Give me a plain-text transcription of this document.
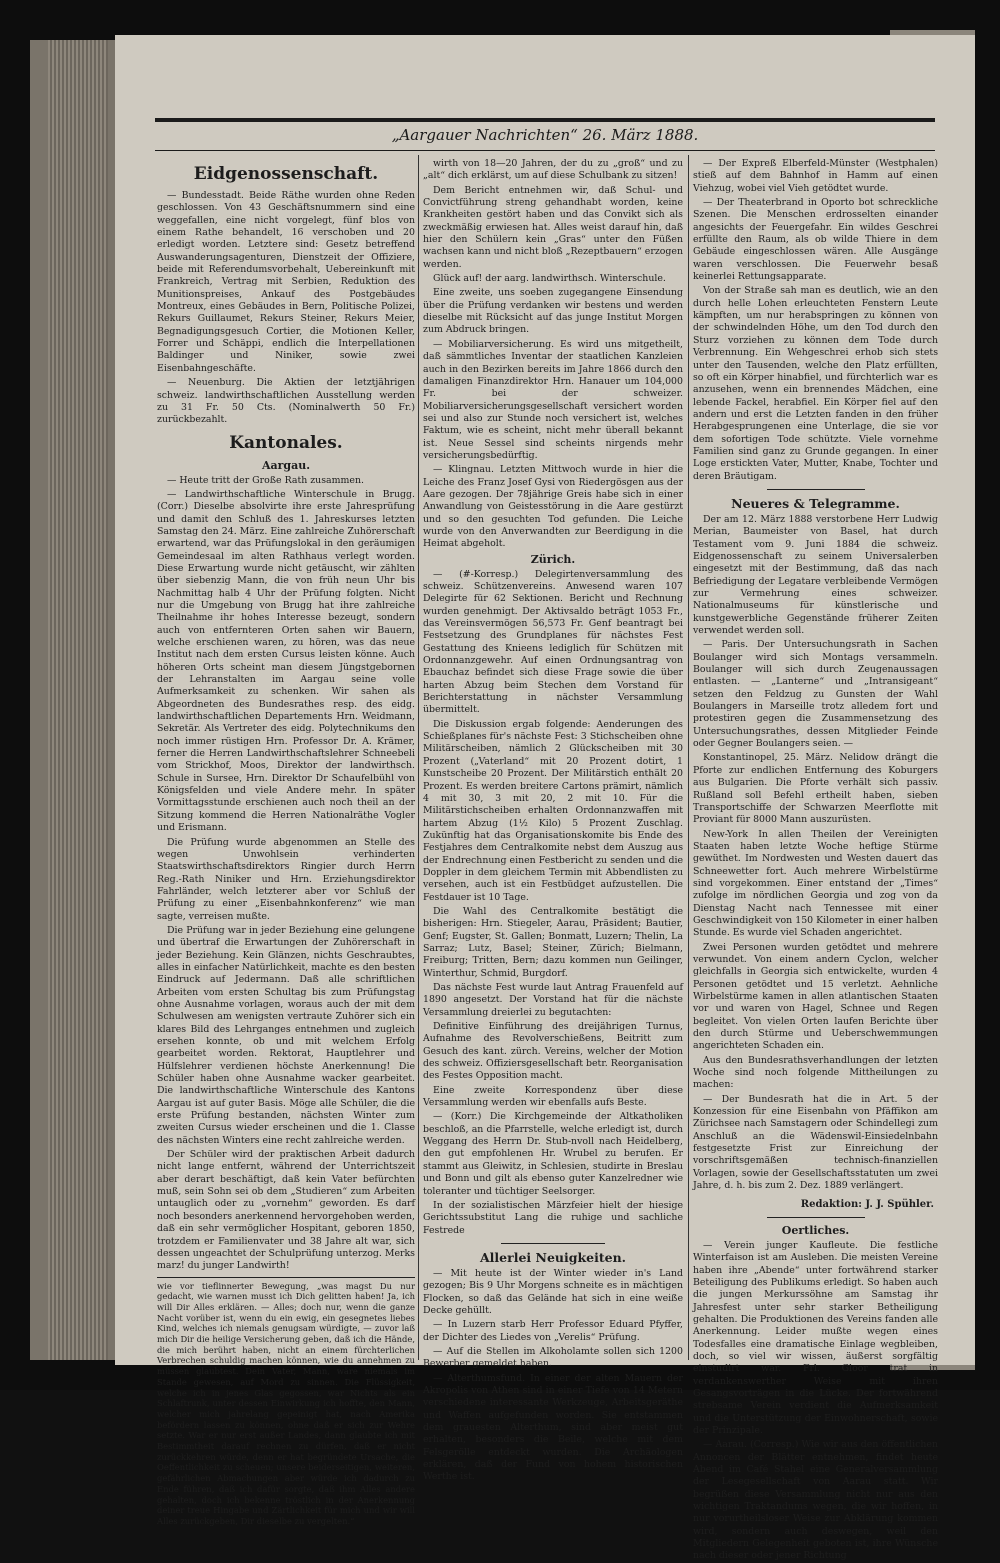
„Aargauer Nachrichten“ 26. März 1888.
Eidgenossenschaft.

— Bundesstadt. Beide Räthe wurden ohne Reden geschlossen. Von 43 Geschäftsnummern sind eine weggefallen, eine nicht vorgelegt, fünf blos von einem Rathe behandelt, 16 verschoben und 20 erledigt worden. Letztere sind: Gesetz betreffend Auswanderungsagenturen, Dienstzeit der Offiziere, beide mit Referendumsvorbehalt, Uebereinkunft mit Frankreich, Vertrag mit Serbien, Reduktion des Munitionspreises, Ankauf des Postgebäudes Montreux, eines Gebäudes in Bern, Politische Polizei, Rekurs Guillaumet, Rekurs Steiner, Rekurs Meier, Begnadigungsgesuch Cortier, die Motionen Keller, Forrer und Schäppi, endlich die Interpellationen Baldinger und Niniker, sowie zwei Eisenbahngeschäfte.

— Neuenburg. Die Aktien der letztjährigen schweiz. landwirthschaftlichen Ausstellung werden zu 31 Fr. 50 Cts. (Nominalwerth 50 Fr.) zurückbezahlt.

Kantonales.
Aargau.

— Heute tritt der Große Rath zusammen.

— Landwirthschaftliche Winterschule in Brugg. (Corr.) Dieselbe absolvirte ihre erste Jahresprüfung und damit den Schluß des 1. Jahreskurses letzten Samstag den 24. März. Eine zahlreiche Zuhörerschaft erwartend, war das Prüfungslokal in den geräumigen Gemeindesaal im alten Rathhaus verlegt worden. Diese Erwartung wurde nicht getäuscht, wir zählten über siebenzig Mann, die von früh neun Uhr bis Nachmittag halb 4 Uhr der Prüfung folgten. Nicht nur die Umgebung von Brugg hat ihre zahlreiche Theilnahme ihr hohes Interesse bezeugt, sondern auch von entfernteren Orten sahen wir Bauern, welche erschienen waren, zu hören, was das neue Institut nach dem ersten Cursus leisten könne. Auch höheren Orts scheint man diesem Jüngstgebornen der Lehranstalten im Aargau seine volle Aufmerksamkeit zu schenken. Wir sahen als Abgeordneten des Bundesrathes resp. des eidg. landwirthschaftlichen Departements Hrn. Weidmann, Sekretär. Als Vertreter des eidg. Polytechnikums den noch immer rüstigen Hrn. Professor Dr. A. Krämer, ferner die Herren Landwirthschaftslehrer Schneebeli vom Strickhof, Moos, Direktor der landwirthsch. Schule in Sursee, Hrn. Direktor Dr Schaufelbühl von Königsfelden und viele Andere mehr. In später Vormittagsstunde erschienen auch noch theil an der Sitzung kommend die Herren Nationalräthe Vogler und Erismann.

Die Prüfung wurde abgenommen an Stelle des wegen Unwohlsein verhinderten Staatswirthschaftsdirektors Ringier durch Herrn Reg.-Rath Niniker und Hrn. Erziehungsdirektor Fahrländer, welch letzterer aber vor Schluß der Prüfung zu einer „Eisenbahnkonferenz“ wie man sagte, verreisen mußte.

Die Prüfung war in jeder Beziehung eine gelungene und übertraf die Erwartungen der Zuhörerschaft in jeder Beziehung. Kein Glänzen, nichts Geschraubtes, alles in einfacher Natürlichkeit, machte es den besten Eindruck auf Jedermann. Daß alle schriftlichen Arbeiten vom ersten Schultag bis zum Prüfungstag ohne Ausnahme vorlagen, woraus auch der mit dem Schulwesen am wenigsten vertraute Zuhörer sich ein klares Bild des Lehrganges entnehmen und zugleich ersehen konnte, ob und mit welchem Erfolg gearbeitet worden. Rektorat, Hauptlehrer und Hülfslehrer verdienen höchste Anerkennung! Die Schüler haben ohne Ausnahme wacker gearbeitet. Die landwirthschaftliche Winterschule des Kantons Aargau ist auf guter Basis. Möge alle Schüler, die die erste Prüfung bestanden, nächsten Winter zum zweiten Cursus wieder erscheinen und die 1. Classe des nächsten Winters eine recht zahlreiche werden.

Der Schüler wird der praktischen Arbeit dadurch nicht lange entfernt, während der Unterrichtszeit aber derart beschäftigt, daß kein Vater befürchten muß, sein Sohn sei ob dem „Studieren“ zum Arbeiten untauglich oder zu „vornehm“ geworden. Es darf noch besonders anerkennend hervorgehoben werden, daß ein sehr vermöglicher Hospitant, geboren 1850, trotzdem er Familienvater und 38 Jahre alt war, sich dessen ungeachtet der Schulprüfung unterzog. Merks marz! du junger Landwirth!

wie vor tieflinnerter Bewegung, „was magst Du nur gedacht, wie warnen musst ich Dich gelitten haben! Ja, ich will Dir Alles erklären. — Alles; doch nur, wenn die ganze Nacht vorüber ist, wenn du ein ewig, ein gesegnetes liebes Kind, welches ich niemals genugsam würdigte, — zuvor laß mich Dir die heilige Versicherung geben, daß ich die Hände, die mich berührt haben, nicht an einem fürchterlichen Verbrechen schuldig machen können, wie du annehmen zu müssen glaubtest. Dein Vater, Mann, wäre niemals im Stande gewesen, auf Mord zu sinnen. Die Flüssigkeit, welche ich in jenes Glas gegossen, war Nichts als ein Schlaftrunk, unter dessen Einwirkung ich hoffte, den Mann, welcher mich jahrelang gepeinigt hat, nach Amerika befördern lassen zu können, ohne daß er sich zur Wehre setzte. War er nur erst außer Landes, dann glaubte ich mit Bestimmtheit darauf rechnen zu dürfen, daß er nicht zurückkehren würde, denn er hat begründete Ursache, die Oeffentlichkeit zu scheuen; unsere beiderseitigen, weiteren, gefährlichen Abmachungen aber würde ich dadurch zu Ende führen, daß ich dafür sorgte, daß ihm Alles andere gehalten, doch ich bekenne tröstlich in der Anerkennung deiner treue Hingabe und Zärtlichkeit für mich und wir will Alles zurückgeben, Dir dieselbe zu vergelten.“

wirth von 18—20 Jahren, der du zu „groß“ und zu „alt“ dich erklärst, um auf diese Schulbank zu sitzen!

Dem Bericht entnehmen wir, daß Schul- und Convictführung streng gehandhabt worden, keine Krankheiten gestört haben und das Convikt sich als zweckmäßig erwiesen hat. Alles weist darauf hin, daß hier den Schülern kein „Gras“ unter den Füßen wachsen kann und nicht bloß „Rezeptbauern“ erzogen werden.

Glück auf! der aarg. landwirthsch. Winterschule.

Eine zweite, uns soeben zugegangene Einsendung über die Prüfung verdanken wir bestens und werden dieselbe mit Rücksicht auf das junge Institut Morgen zum Abdruck bringen.

— Mobiliarversicherung. Es wird uns mitgetheilt, daß sämmtliches Inventar der staatlichen Kanzleien auch in den Bezirken bereits im Jahre 1866 durch den damaligen Finanzdirektor Hrn. Hanauer um 104,000 Fr. bei der schweizer. Mobiliarversicherungsgesellschaft versichert worden sei und also zur Stunde noch versichert ist, welches Faktum, wie es scheint, nicht mehr überall bekannt ist. Neue Sessel sind scheints nirgends mehr versicherungsbedürftig.

— Klingnau. Letzten Mittwoch wurde in hier die Leiche des Franz Josef Gysi von Riedergösgen aus der Aare gezogen. Der 78jährige Greis habe sich in einer Anwandlung von Geistesstörung in die Aare gestürzt und so den gesuchten Tod gefunden. Die Leiche wurde von den Anverwandten zur Beerdigung in die Heimat abgeholt.

Zürich.

— (#-Korresp.) Delegirtenversammlung des schweiz. Schützenvereins. Anwesend waren 107 Delegirte für 62 Sektionen. Bericht und Rechnung wurden genehmigt. Der Aktivsaldo beträgt 1053 Fr., das Vereinsvermögen 56,573 Fr. Genf beantragt bei Festsetzung des Grundplanes für nächstes Fest Gestattung des Knieens lediglich für Schützen mit Ordonnanzgewehr. Auf einen Ordnungsantrag von Ebauchaz befindet sich diese Frage sowie die über harten Abzug beim Stechen dem Vorstand für Berichterstattung in nächster Versammlung übermittelt.

Die Diskussion ergab folgende: Aenderungen des Schießplanes für's nächste Fest: 3 Stichscheiben ohne Militärscheiben, nämlich 2 Glückscheiben mit 30 Prozent („Vaterland“ mit 20 Prozent dotirt, 1 Kunstscheibe 20 Prozent. Der Militärstich enthält 20 Prozent. Es werden breitere Cartons prämirt, nämlich 4 mit 30, 3 mit 20, 2 mit 10. Für die Militärstichscheiben erhalten Ordonnanzwaffen mit hartem Abzug (1½ Kilo) 5 Prozent Zuschlag. Zukünftig hat das Organisationskomite bis Ende des Festjahres dem Centralkomite nebst dem Auszug aus der Endrechnung einen Festbericht zu senden und die Doppler in dem gleichem Termin mit Abbendlisten zu versehen, auch ist ein Festbüdget aufzustellen. Die Festdauer ist 10 Tage.

Die Wahl des Centralkomite bestätigt die bisherigen: Hrn. Stiegeler, Aarau, Präsident; Bautier, Genf; Eugster, St. Gallen; Bonmatt, Luzern; Thelin, La Sarraz; Lutz, Basel; Steiner, Zürich; Bielmann, Freiburg; Tritten, Bern; dazu kommen nun Geilinger, Winterthur, Schmid, Burgdorf.

Das nächste Fest wurde laut Antrag Frauenfeld auf 1890 angesetzt. Der Vorstand hat für die nächste Versammlung dreierlei zu begutachten:

Definitive Einführung des dreijährigen Turnus, Aufnahme des Revolverschießens, Beitritt zum Gesuch des kant. zürch. Vereins, welcher der Motion des schweiz. Offiziersgesellschaft betr. Reorganisation des Festes Opposition macht.

Eine zweite Korrespondenz über diese Versammlung werden wir ebenfalls aufs Beste.

— (Korr.) Die Kirchgemeinde der Altkatholiken beschloß, an die Pfarrstelle, welche erledigt ist, durch Weggang des Herrn Dr. Stub-nvoll nach Heidelberg, den gut empfohlenen Hr. Wrubel zu berufen. Er stammt aus Gleiwitz, in Schlesien, studirte in Breslau und Bonn und gilt als ebenso guter Kanzelredner wie toleranter und tüchtiger Seelsorger.

In der sozialistischen Märzfeier hielt der hiesige Gerichtssubstitut Lang die ruhige und sachliche Festrede

Allerlei Neuigkeiten.

— Mit heute ist der Winter wieder in's Land gezogen; Bis 9 Uhr Morgens schneite es in mächtigen Flocken, so daß das Gelände hat sich in eine weiße Decke gehüllt.

— In Luzern starb Herr Professor Eduard Pfyffer, der Dichter des Liedes von „Verelis“ Prüfung.

— Auf die Stellen im Alkoholamte sollen sich 1200 Bewerber gemeldet haben.

— Alterthumsfund. In einer der alten Mauern der Akropolis von Athen sind in einer Tiefe von 14 Metern verschiedene interessante Werkzeuge, Arbeitsgeräthe und Waffen aufgefunden worden. Sie entstammen dem grauesten Alterthum, sind aber meist gut erhalten, besonders die Beile, welche mit dem Felsgerölle entdeckt wurden. Die Archäologen erklären, daß der Fund von hohem historischen Werthe ist.

— Der Expreß Elberfeld-Münster (Westphalen) stieß auf dem Bahnhof in Hamm auf einen Viehzug, wobei viel Vieh getödtet wurde.

— Der Theaterbrand in Oporto bot schreckliche Szenen. Die Menschen erdrosselten einander angesichts der Feuergefahr. Ein wildes Geschrei erfüllte den Raum, als ob wilde Thiere in dem Gebäude eingeschlossen wären. Alle Ausgänge waren verschlossen. Die Feuerwehr besaß keinerlei Rettungsapparate.

Von der Straße sah man es deutlich, wie an den durch helle Lohen erleuchteten Fenstern Leute kämpften, um nur herabspringen zu können von der schwindelnden Höhe, um den Tod durch den Sturz vorziehen zu können dem Tode durch Verbrennung. Ein Wehgeschrei erhob sich stets unter den Tausenden, welche den Platz erfüllten, so oft ein Körper hinabfiel, und fürchterlich war es anzusehen, wenn ein brennendes Mädchen, eine lebende Fackel, herabfiel. Ein Körper fiel auf den andern und erst die Letzten fanden in den früher Herabgesprungenen eine Unterlage, die sie vor dem sofortigen Tode schützte. Viele vornehme Familien sind ganz zu Grunde gegangen. In einer Loge erstickten Vater, Mutter, Knabe, Tochter und deren Bräutigam.

Neueres & Telegramme.

Der am 12. März 1888 verstorbene Herr Ludwig Merian, Baumeister von Basel, hat durch Testament vom 9. Juni 1884 die schweiz. Eidgenossenschaft zu seinem Universalerben eingesetzt mit der Bestimmung, daß das nach Befriedigung der Legatare verbleibende Vermögen zur Vermehrung eines schweizer. Nationalmuseums für künstlerische und kunstgewerbliche Gegenstände früherer Zeiten verwendet werden soll.

— Paris. Der Untersuchungsrath in Sachen Boulanger wird sich Montags versammeln. Boulanger will sich durch Zeugenaussagen entlasten. — „Lanterne“ und „Intransigeant“ setzen den Feldzug zu Gunsten der Wahl Boulangers in Marseille trotz alledem fort und protestiren gegen die Zusammensetzung des Untersuchungsrathes, dessen Mitglieder Feinde oder Gegner Boulangers seien. —

Konstantinopel, 25. März. Nelidow drängt die Pforte zur endlichen Entfernung des Koburgers aus Bulgarien. Die Pforte verhält sich passiv. Rußland soll Befehl ertheilt haben, sieben Transportschiffe der Schwarzen Meerflotte mit Proviant für 8000 Mann auszurüsten.

New-York In allen Theilen der Vereinigten Staaten haben letzte Woche heftige Stürme gewüthet. Im Nordwesten und Westen dauert das Schneewetter fort. Auch mehrere Wirbelstürme sind vorgekommen. Einer entstand der „Times“ zufolge im nördlichen Georgia und zog von da Dienstag Nacht nach Tennessee mit einer Geschwindigkeit von 150 Kilometer in einer halben Stunde. Es wurde viel Schaden angerichtet.

Zwei Personen wurden getödtet und mehrere verwundet. Von einem andern Cyclon, welcher gleichfalls in Georgia sich entwickelte, wurden 4 Personen getödtet und 15 verletzt. Aehnliche Wirbelstürme kamen in allen atlantischen Staaten vor und waren von Hagel, Schnee und Regen begleitet. Von vielen Orten laufen Berichte über den durch Stürme und Ueberschwemmungen angerichteten Schaden ein.

Aus den Bundesrathsverhandlungen der letzten Woche sind noch folgende Mittheilungen zu machen:

— Der Bundesrath hat die in Art. 5 der Konzession für eine Eisenbahn von Pfäffikon am Zürichsee nach Samstagern oder Schindellegi zum Anschluß an die Wädenswil-Einsiedelnbahn festgesetzte Frist zur Einreichung der vorschriftsgemäßen technisch-finanziellen Vorlagen, sowie der Gesellschaftsstatuten um zwei Jahre, d. h. bis zum 2. Dez. 1889 verlängert.

Redaktion: J. J. Spühler.
Oertliches.

— Verein junger Kaufleute. Die festliche Winterfaison ist am Ausleben. Die meisten Vereine haben ihre „Abende“ unter fortwährend starker Beteiligung des Publikums erledigt. So haben auch die jungen Merkurssöhne am Samstag ihr Jahresfest unter sehr starker Betheiligung gehalten. Die Produktionen des Vereins fanden alle Anerkennung. Leider mußte wegen eines Todesfalles eine dramatische Einlage wegbleiben, doch, so viel wir wissen, äußerst sorgfältig einstudirt war. Frl. Gloor trat in verdankenswerther Weise mit ihren Gesangsvorträgen in die Lücke. Der fortwährend strebsame Verein verdient die Aufmerksamkeit und die Unterstützung der Einwohnerschaft, sowie der Prinzipale.

— Aarau. (Corresp.) Wie wir aus den öffentlichen Annoncen der Blätter entnehmen, findet heute Abend im Café Stahel eine Generalversammlung der Lesegesellschaft von Aarau statt. Wir begrüßen diese Versammlung nicht nur aus den wichtigen Traktandums wegen, die wir hoffen, in nur vorurtheilsloser Weise zur Abklärung kommen wird, sondern auch deswegen, weil den Mitgliedern Gelegenheit geboten ist, ihre Wünsche nach dieser oder jener Richtung
